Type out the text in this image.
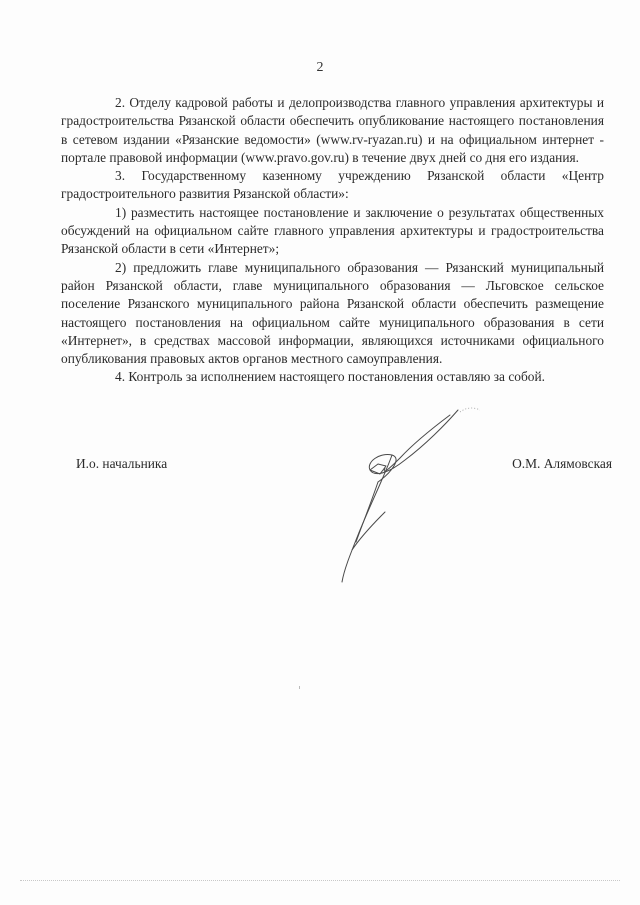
2

2. Отделу кадровой работы и делопроизводства главного управления архитектуры и градостроительства Рязанской области обеспечить опубликование настоящего постановления в сетевом издании «Рязанские ведомости» (www.rv-ryazan.ru) и на официальном интернет - портале правовой информации (www.pravo.gov.ru) в течение двух дней со дня его издания.

3. Государственному казенному учреждению Рязанской области «Центр градостроительного развития Рязанской области»:

1) разместить настоящее постановление и заключение о результатах общественных обсуждений на официальном сайте главного управления архитектуры и градостроительства Рязанской области в сети «Интернет»;

2) предложить главе муниципального образования — Рязанский муниципальный район Рязанской области, главе муниципального образования — Льговское сельское поселение Рязанского муниципального района Рязанской области обеспечить размещение настоящего постановления на официальном сайте муниципального образования в сети «Интернет», в средствах массовой информации, являющихся источниками официального опубликования правовых актов органов местного самоуправления.

4. Контроль за исполнением настоящего постановления оставляю за собой.

И.о. начальника	О.М. Алямовская
